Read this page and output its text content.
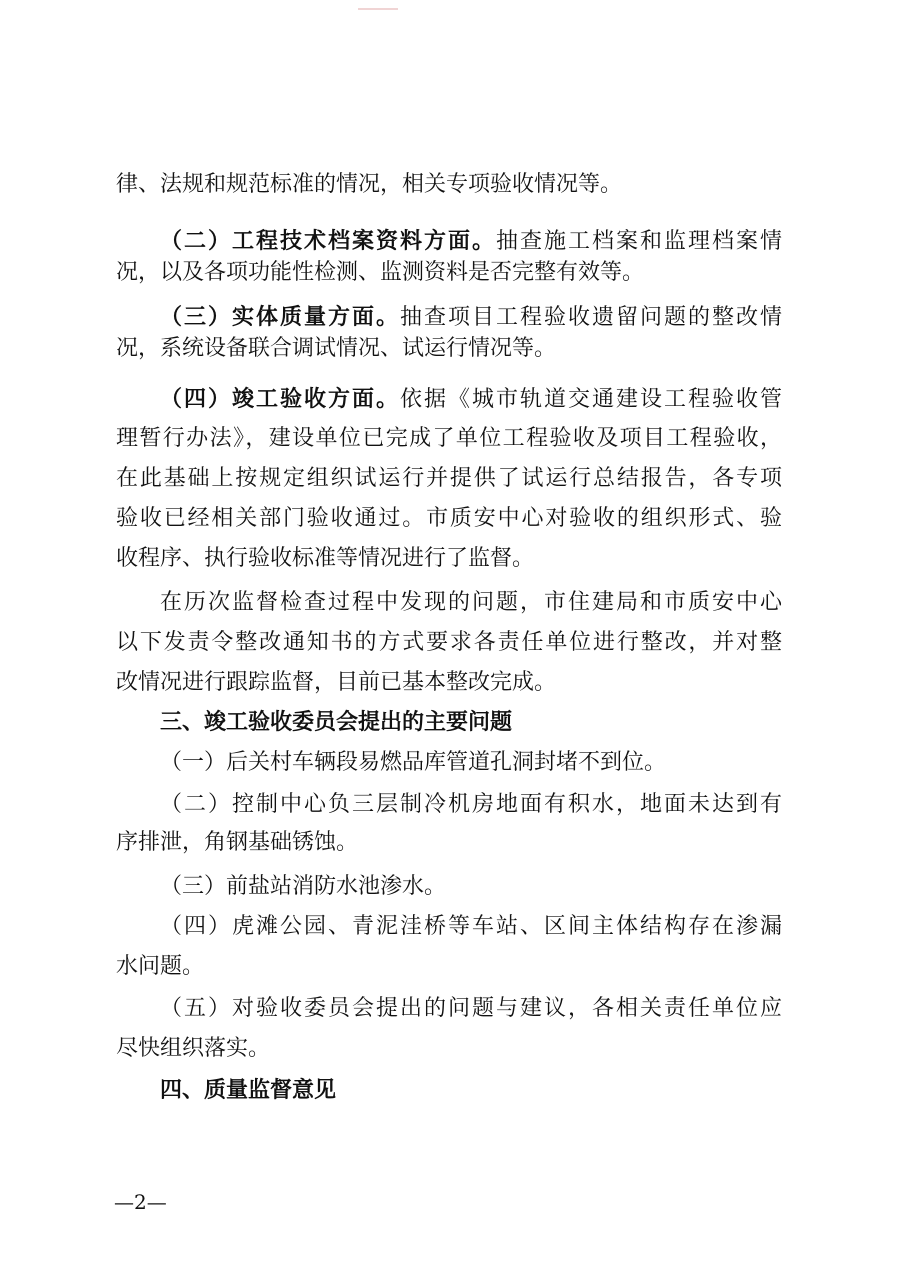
律、法规和规范标准的情况，相关专项验收情况等。
（二）工程技术档案资料方面。抽查施工档案和监理档案情
况，以及各项功能性检测、监测资料是否完整有效等。
（三）实体质量方面。抽查项目工程验收遗留问题的整改情
况，系统设备联合调试情况、试运行情况等。
（四）竣工验收方面。依据《城市轨道交通建设工程验收管
理暂行办法》，建设单位已完成了单位工程验收及项目工程验收，
在此基础上按规定组织试运行并提供了试运行总结报告，各专项
验收已经相关部门验收通过。市质安中心对验收的组织形式、验
收程序、执行验收标准等情况进行了监督。
在历次监督检查过程中发现的问题，市住建局和市质安中心
以下发责令整改通知书的方式要求各责任单位进行整改，并对整
改情况进行跟踪监督，目前已基本整改完成。
三、竣工验收委员会提出的主要问题
（一）后关村车辆段易燃品库管道孔洞封堵不到位。
（二）控制中心负三层制冷机房地面有积水，地面未达到有
序排泄，角钢基础锈蚀。
（三）前盐站消防水池渗水。
（四）虎滩公园、青泥洼桥等车站、区间主体结构存在渗漏
水问题。
（五）对验收委员会提出的问题与建议，各相关责任单位应
尽快组织落实。
四、质量监督意见
—2—
